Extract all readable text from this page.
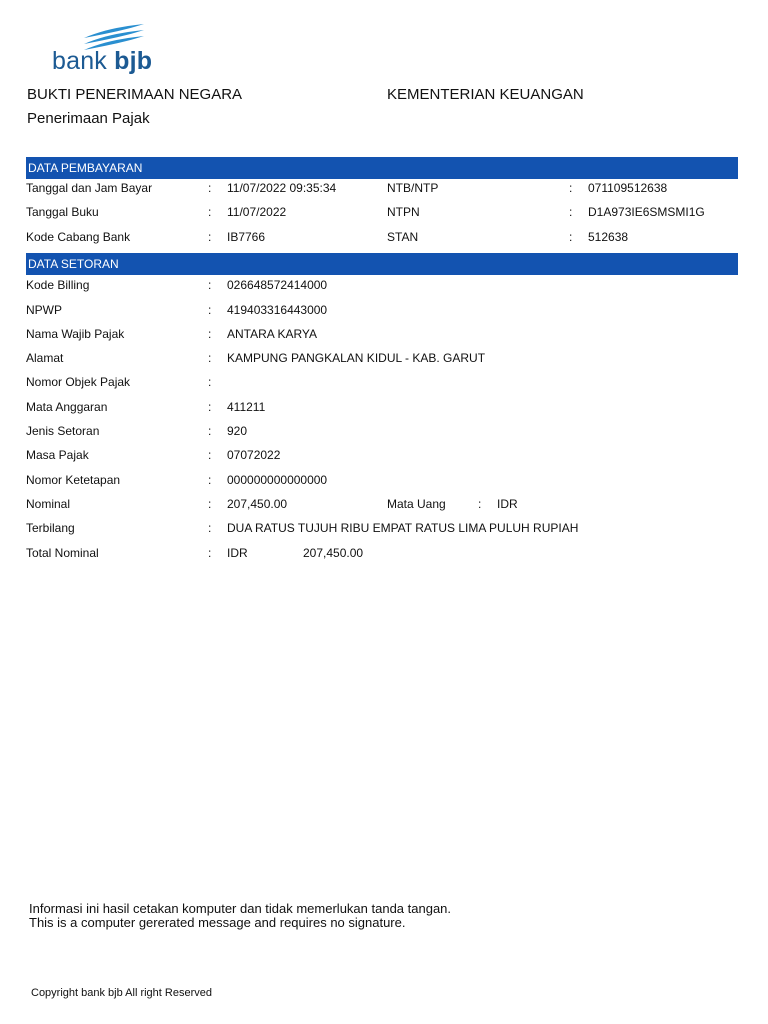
bank bjb
BUKTI PENERIMAAN NEGARA	KEMENTERIAN KEUANGAN
Penerimaan Pajak
DATA PEMBAYARAN
Tanggal dan Jam Bayar	: 11/07/2022 09:35:34	NTB/NTP	: 071109512638
Tanggal Buku	: 11/07/2022	NTPN	: D1A973IE6SMSMI1G
Kode Cabang Bank	: IB7766	STAN	: 512638
DATA SETORAN
Kode Billing	: 026648572414000
NPWP	: 419403316443000
Nama Wajib Pajak	: ANTARA KARYA
Alamat	: KAMPUNG PANGKALAN KIDUL - KAB. GARUT
Nomor Objek Pajak	:
Mata Anggaran	: 411211
Jenis Setoran	: 920
Masa Pajak	: 07072022
Nomor Ketetapan	: 000000000000000
Nominal	: 207,450.00	Mata Uang	: IDR
Terbilang	: DUA RATUS TUJUH RIBU EMPAT RATUS LIMA PULUH RUPIAH
Total Nominal	: IDR	207,450.00
Informasi ini hasil cetakan komputer dan tidak memerlukan tanda tangan.
This is a computer gererated message and requires no signature.
Copyright bank bjb All right Reserved
